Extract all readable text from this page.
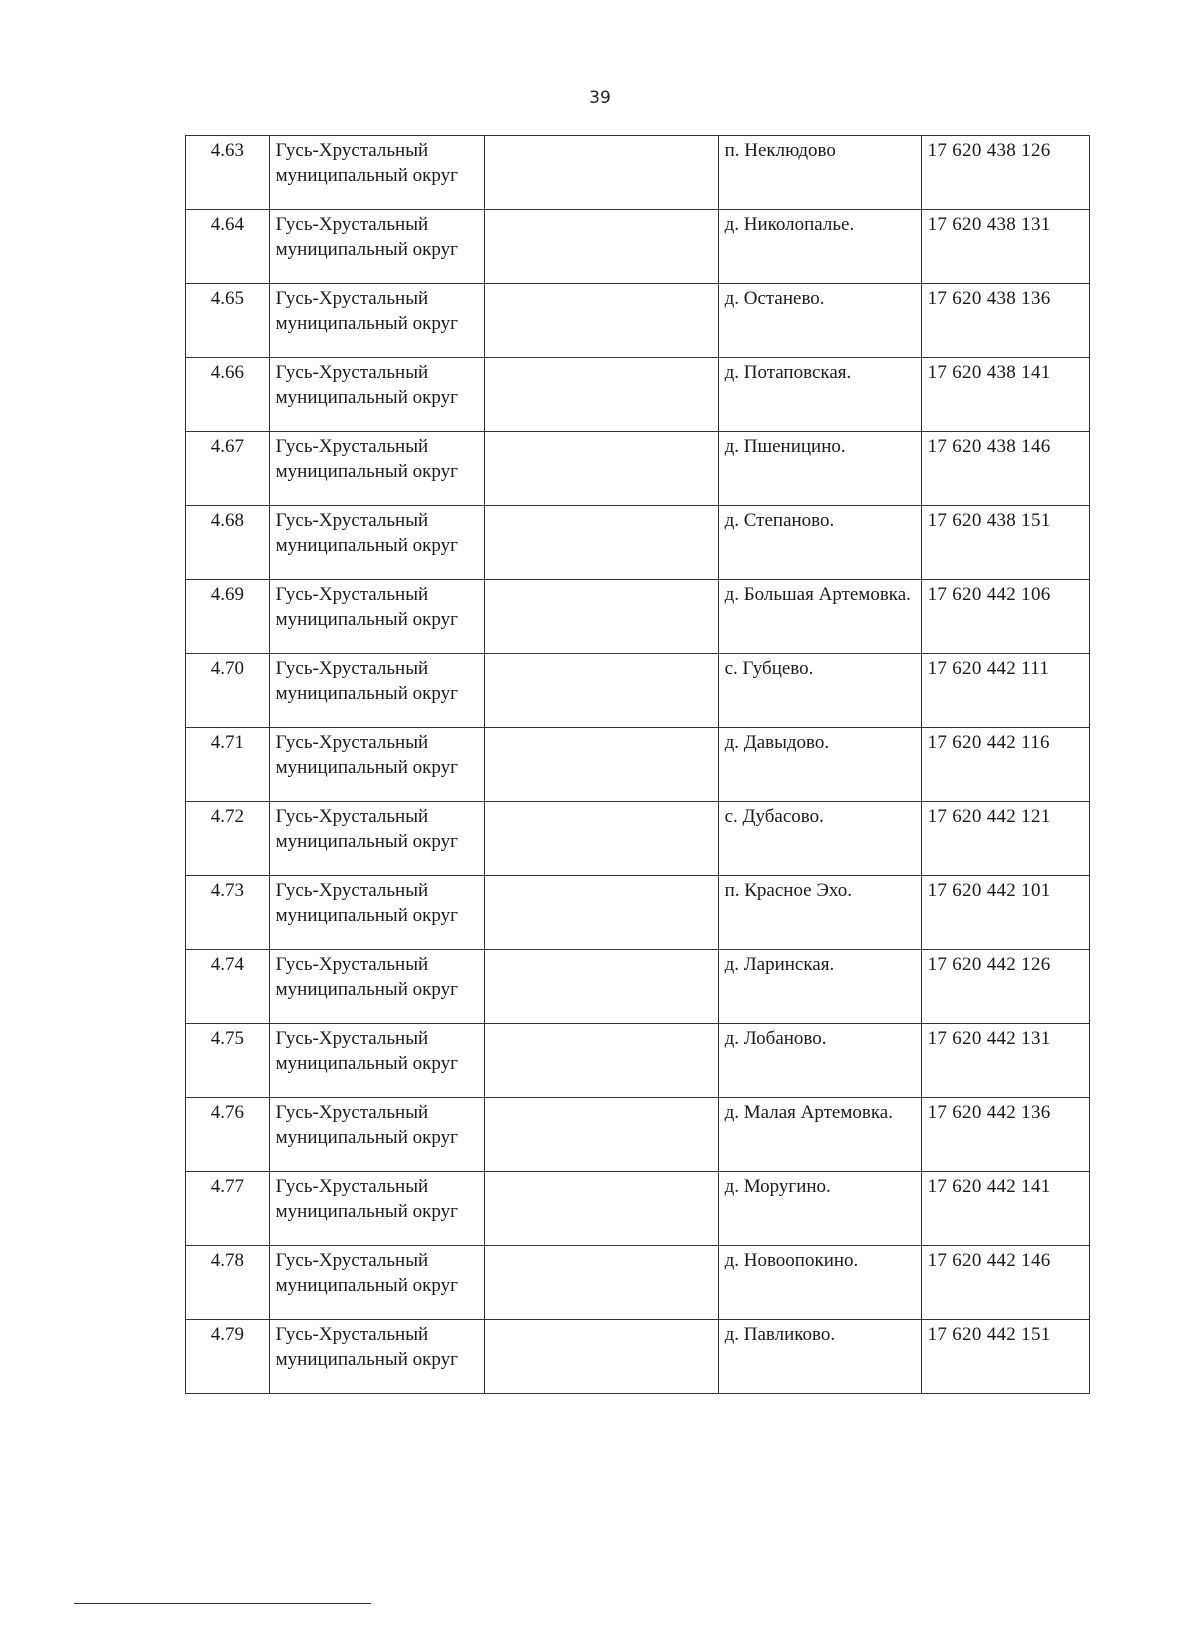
39
4.63	Гусь-Хрустальный муниципальный округ		п. Неклюдово	17 620 438 126
4.64	Гусь-Хрустальный муниципальный округ		д. Николопалье.	17 620 438 131
4.65	Гусь-Хрустальный муниципальный округ		д. Останево.	17 620 438 136
4.66	Гусь-Хрустальный муниципальный округ		д. Потаповская.	17 620 438 141
4.67	Гусь-Хрустальный муниципальный округ		д. Пшеницино.	17 620 438 146
4.68	Гусь-Хрустальный муниципальный округ		д. Степаново.	17 620 438 151
4.69	Гусь-Хрустальный муниципальный округ		д. Большая Артемовка.	17 620 442 106
4.70	Гусь-Хрустальный муниципальный округ		с. Губцево.	17 620 442 111
4.71	Гусь-Хрустальный муниципальный округ		д. Давыдово.	17 620 442 116
4.72	Гусь-Хрустальный муниципальный округ		с. Дубасово.	17 620 442 121
4.73	Гусь-Хрустальный муниципальный округ		п. Красное Эхо.	17 620 442 101
4.74	Гусь-Хрустальный муниципальный округ		д. Ларинская.	17 620 442 126
4.75	Гусь-Хрустальный муниципальный округ		д. Лобаново.	17 620 442 131
4.76	Гусь-Хрустальный муниципальный округ		д. Малая Артемовка.	17 620 442 136
4.77	Гусь-Хрустальный муниципальный округ		д. Моругино.	17 620 442 141
4.78	Гусь-Хрустальный муниципальный округ		д. Новоопокино.	17 620 442 146
4.79	Гусь-Хрустальный муниципальный округ		д. Павликово.	17 620 442 151
